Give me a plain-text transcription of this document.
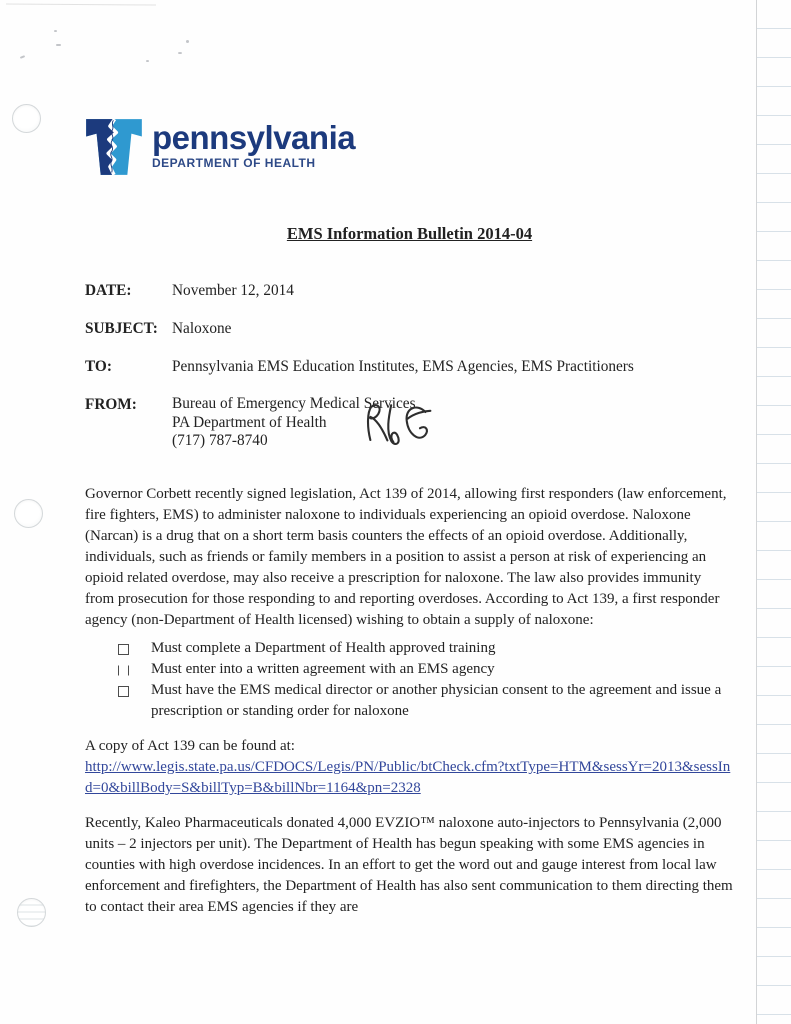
pennsylvania
DEPARTMENT OF HEALTH
EMS Information Bulletin 2014-04
DATE:	November 12, 2014
SUBJECT: Naloxone
TO:	Pennsylvania EMS Education Institutes, EMS Agencies, EMS Practitioners
FROM:	Bureau of Emergency Medical Services
PA Department of Health
(717) 787-8740

Governor Corbett recently signed legislation, Act 139 of 2014, allowing first responders (law enforcement, fire fighters, EMS) to administer naloxone to individuals experiencing an opioid overdose. Naloxone (Narcan) is a drug that on a short term basis counters the effects of an opioid overdose. Additionally, individuals, such as friends or family members in a position to assist a person at risk of experiencing an opioid related overdose, may also receive a prescription for naloxone. The law also provides immunity from prosecution for those responding to and reporting overdoses. According to Act 139, a first responder agency (non-Department of Health licensed) wishing to obtain a supply of naloxone:

Must complete a Department of Health approved training
Must enter into a written agreement with an EMS agency
Must have the EMS medical director or another physician consent to the agreement and issue a prescription or standing order for naloxone
A copy of Act 139 can be found at:
http://www.legis.state.pa.us/CFDOCS/Legis/PN/Public/btCheck.cfm?txtType=HTM&sessYr=2013&sessInd=0&billBody=S&billTyp=B&billNbr=1164&pn=2328

Recently, Kaleo Pharmaceuticals donated 4,000 EVZIO™ naloxone auto-injectors to Pennsylvania (2,000 units – 2 injectors per unit). The Department of Health has begun speaking with some EMS agencies in counties with high overdose incidences. In an effort to get the word out and gauge interest from local law enforcement and firefighters, the Department of Health has also sent communication to them directing them to contact their area EMS agencies if they are
